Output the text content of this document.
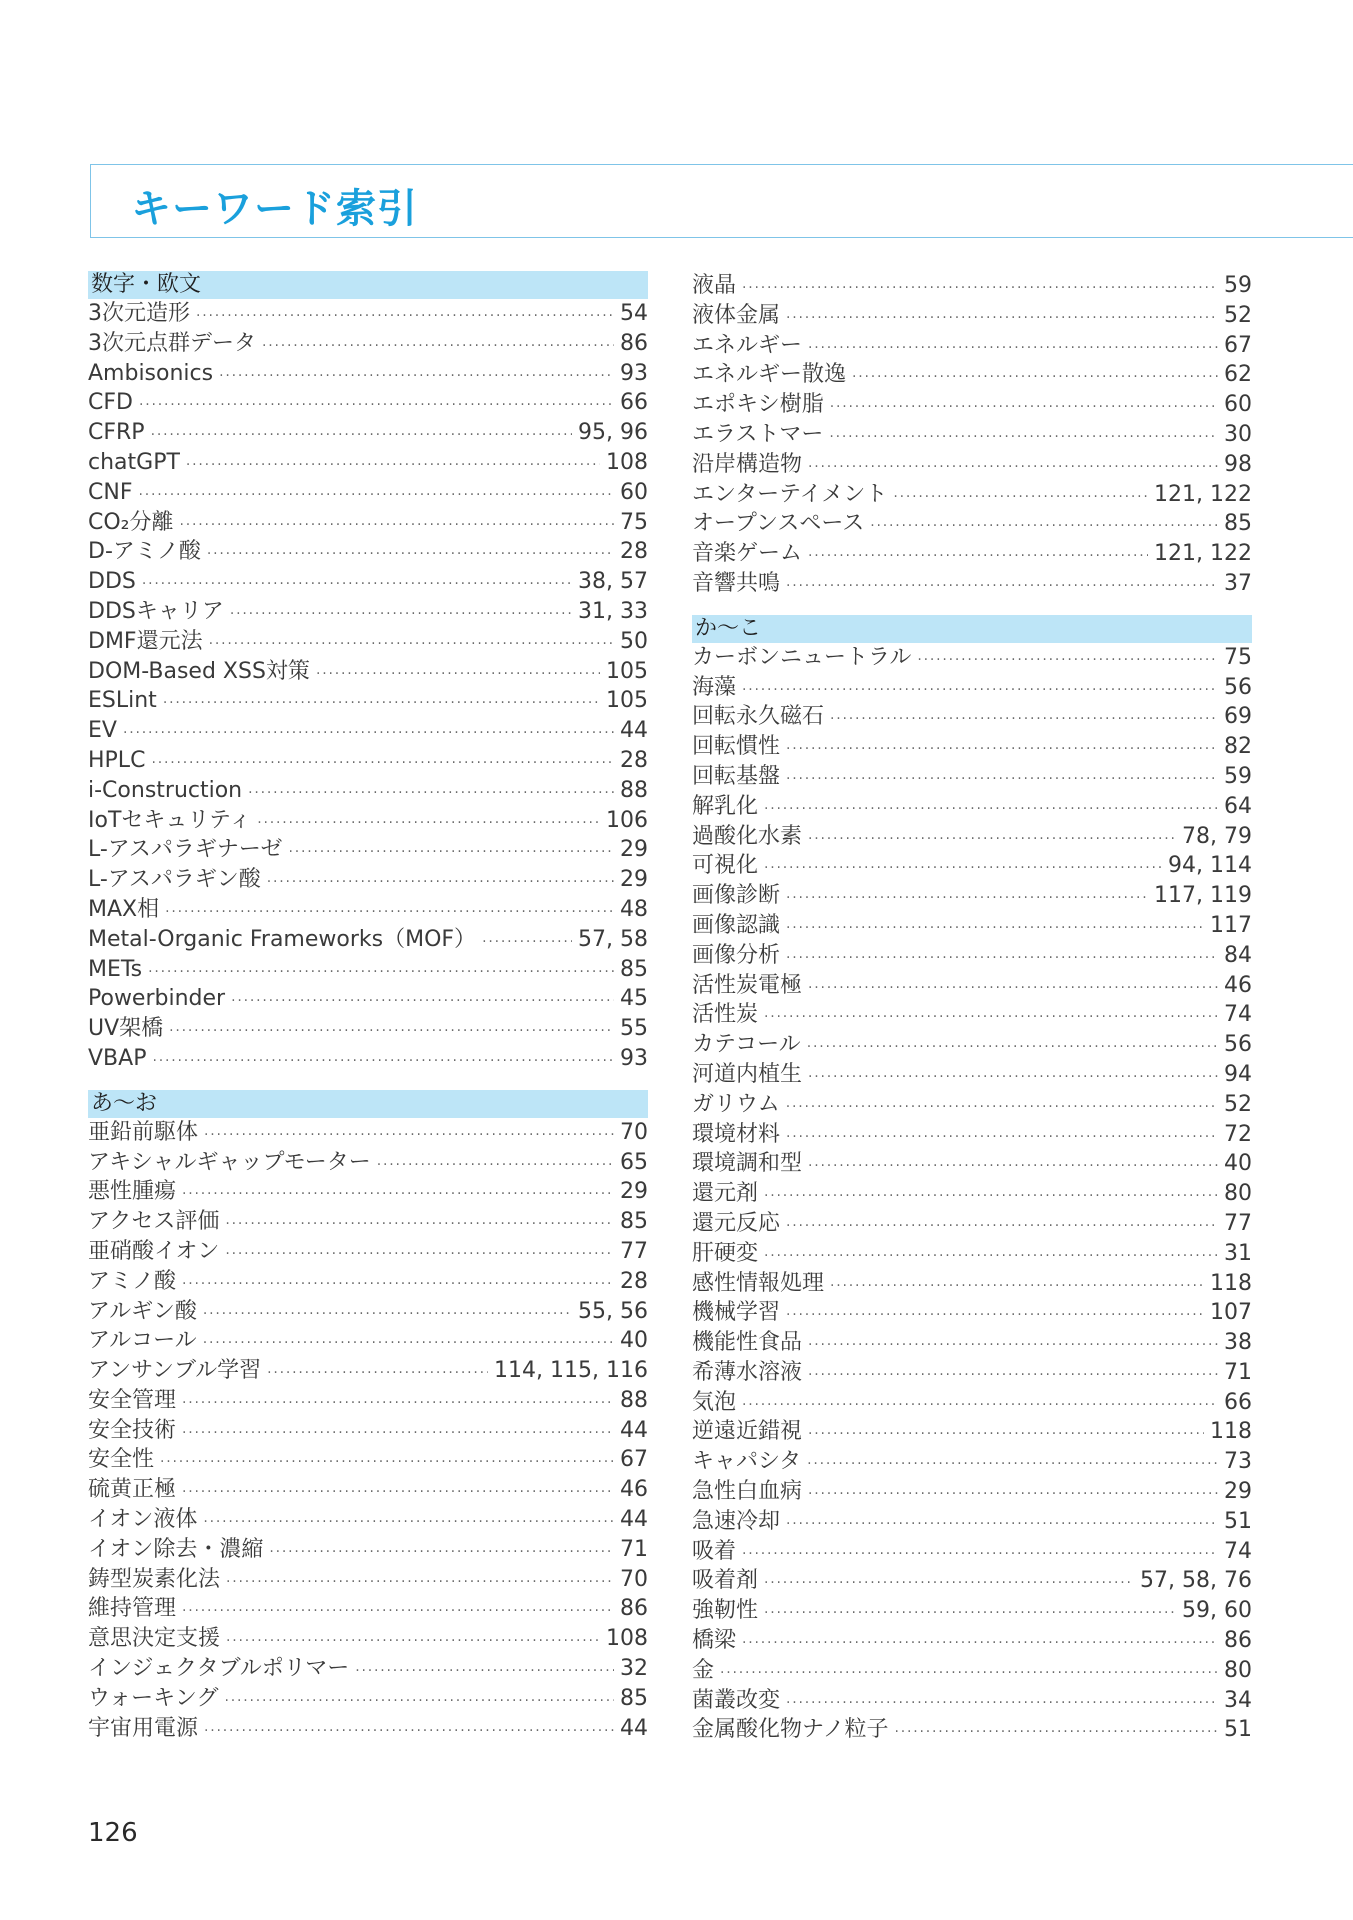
キーワード索引
数字・欧文
3次元造形 ·····	54
3次元点群データ ·····	86
Ambisonics ·····	93
CFD ·····	66
CFRP ·····	95, 96
chatGPT ·····	108
CNF ·····	60
CO₂分離 ·····	75
D-アミノ酸 ·····	28
DDS ·····	38, 57
DDSキャリア ·····	31, 33
DMF還元法 ·····	50
DOM-Based XSS対策 ·····	105
ESLint ·····	105
EV ·····	44
HPLC ·····	28
i-Construction ·····	88
IoTセキュリティ ·····	106
L-アスパラギナーゼ ·····	29
L-アスパラギン酸 ·····	29
MAX相 ·····	48
Metal-Organic Frameworks（MOF） ·····	57, 58
METs ·····	85
Powerbinder ·····	45
UV架橋 ·····	55
VBAP ·····	93
あ〜お
亜鉛前駆体 ·····	70
アキシャルギャップモーター ·····	65
悪性腫瘍 ·····	29
アクセス評価 ·····	85
亜硝酸イオン ·····	77
アミノ酸 ·····	28
アルギン酸 ·····	55, 56
アルコール ·····	40
アンサンブル学習 ·····	114, 115, 116
安全管理 ·····	88
安全技術 ·····	44
安全性 ·····	67
硫黄正極 ·····	46
イオン液体 ·····	44
イオン除去・濃縮 ·····	71
鋳型炭素化法 ·····	70
維持管理 ·····	86
意思決定支援 ·····	108
インジェクタブルポリマー ·····	32
ウォーキング ·····	85
宇宙用電源 ·····	44
液晶 ·····	59
液体金属 ·····	52
エネルギー ·····	67
エネルギー散逸 ·····	62
エポキシ樹脂 ·····	60
エラストマー ·····	30
沿岸構造物 ·····	98
エンターテイメント ·····	121, 122
オープンスペース ·····	85
音楽ゲーム ·····	121, 122
音響共鳴 ·····	37
か〜こ
カーボンニュートラル ·····	75
海藻 ·····	56
回転永久磁石 ·····	69
回転慣性 ·····	82
回転基盤 ·····	59
解乳化 ·····	64
過酸化水素 ·····	78, 79
可視化 ·····	94, 114
画像診断 ·····	117, 119
画像認識 ·····	117
画像分析 ·····	84
活性炭電極 ·····	46
活性炭 ·····	74
カテコール ·····	56
河道内植生 ·····	94
ガリウム ·····	52
環境材料 ·····	72
環境調和型 ·····	40
還元剤 ·····	80
還元反応 ·····	77
肝硬変 ·····	31
感性情報処理 ·····	118
機械学習 ·····	107
機能性食品 ·····	38
希薄水溶液 ·····	71
気泡 ·····	66
逆遠近錯視 ·····	118
キャパシタ ·····	73
急性白血病 ·····	29
急速冷却 ·····	51
吸着 ·····	74
吸着剤 ·····	57, 58, 76
強靭性 ·····	59, 60
橋梁 ·····	86
金 ·····	80
菌叢改変 ·····	34
金属酸化物ナノ粒子 ·····	51
126
